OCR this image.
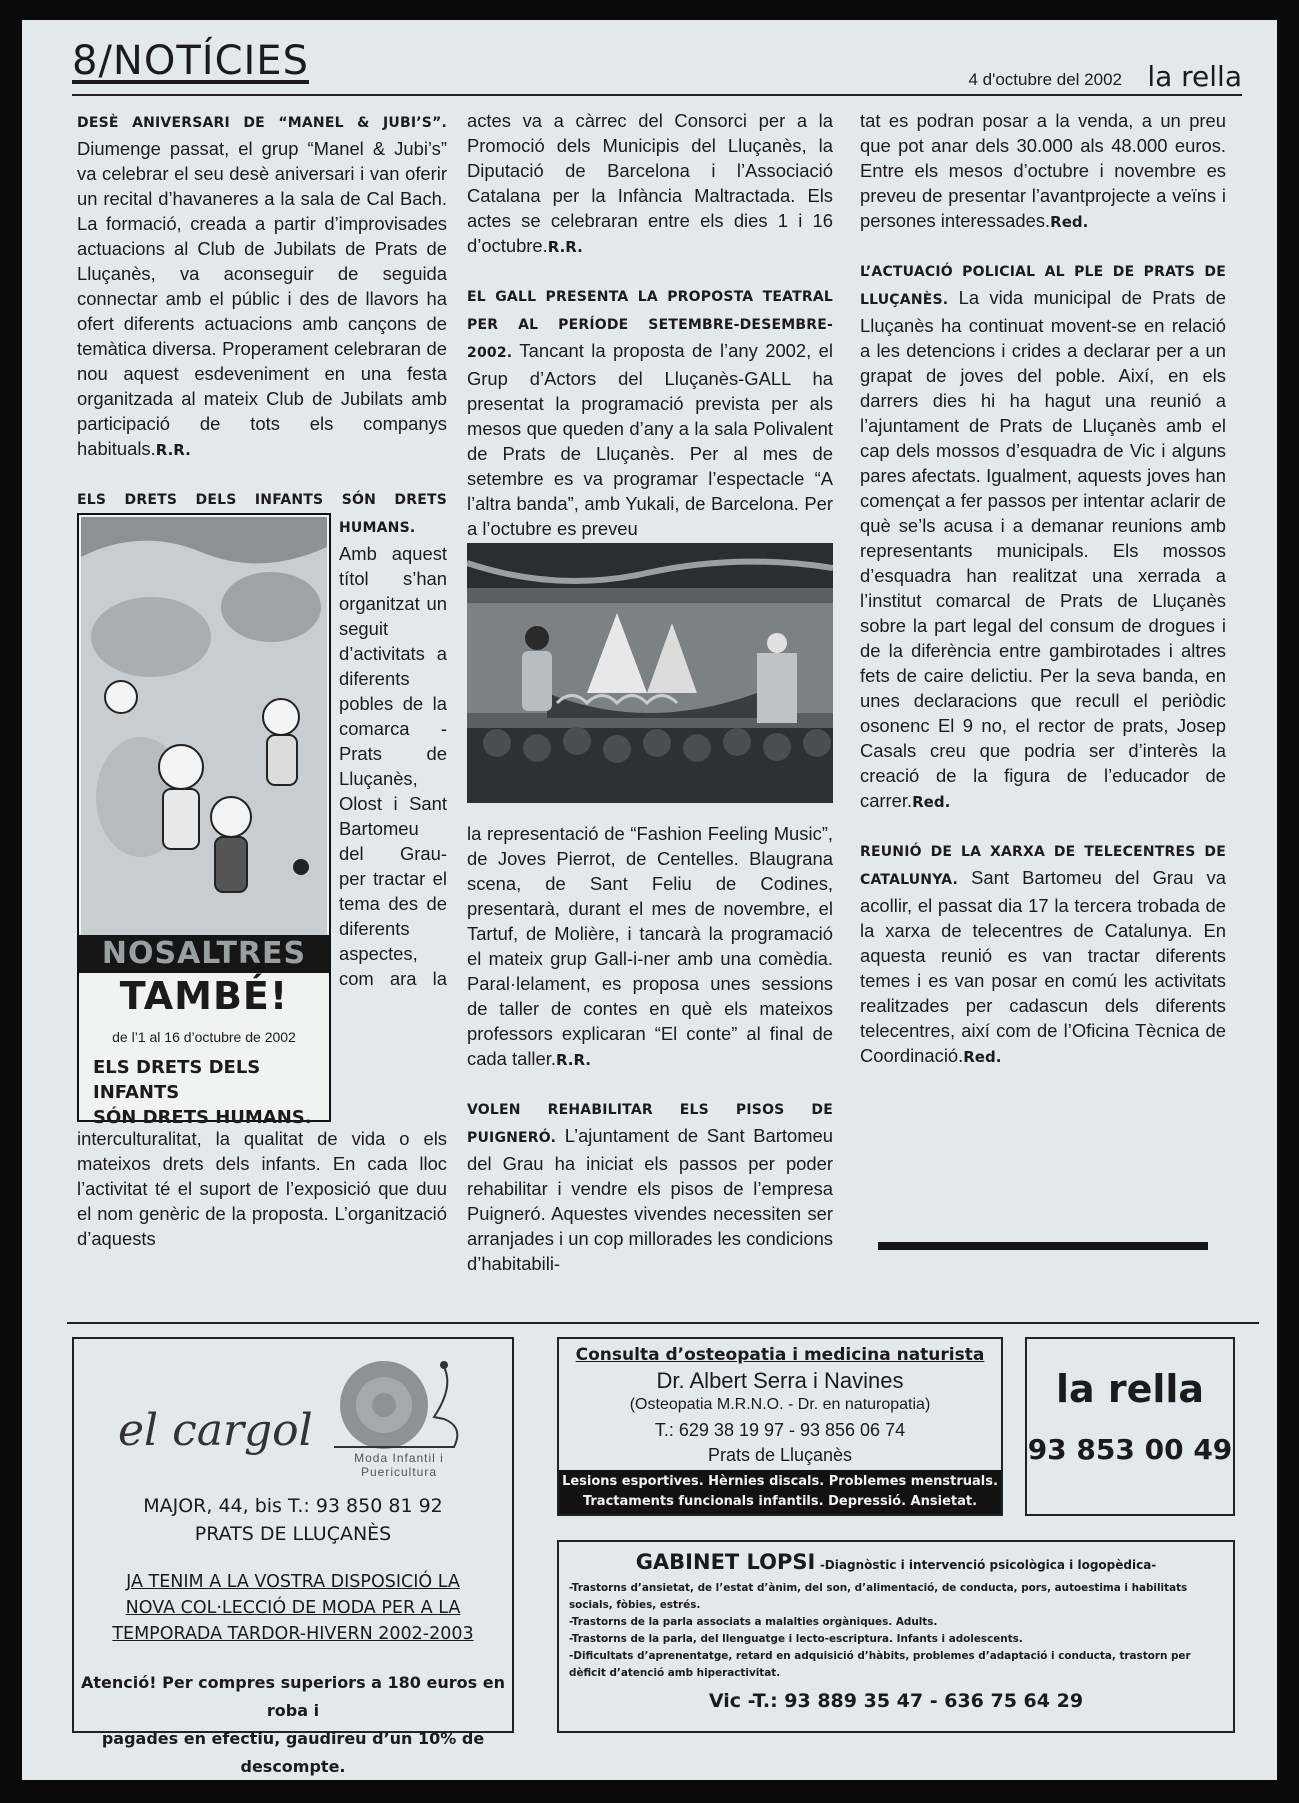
8/NOTÍCIES	4 d'octubre del 2002 la rella

DESÈ ANIVERSARI DE “MANEL & JUBI’S”. Diumenge passat, el grup “Manel & Jubi’s” va celebrar el seu desè aniversari i van oferir un recital d’havaneres a la sala de Cal Bach. La formació, creada a partir d’improvisades actuacions al Club de Jubilats de Prats de Lluçanès, va aconseguir de seguida connectar amb el públic i des de llavors ha ofert diferents actuacions amb cançons de temàtica diversa. Properament celebraran de nou aquest esdeveniment en una festa organitzada al mateix Club de Jubilats amb participació de tots els companys habituals.R.R.

ELS DRETS DELS INFANTS SÓN DRETS HUMANS.
NOSALTRES
TAMBÉ!
de l’1 al 16 d’octubre de 2002
ELS DRETS DELS INFANTS
SÓN DRETS HUMANS.
Amb aquest títol s’han organitzat un seguit d’activitats a diferents pobles de la comarca -Prats de Lluçanès, Olost i Sant Bartomeu del Grau- per tractar el tema des de diferents aspectes, com ara la interculturalitat, la qualitat de vida o els mateixos drets dels infants. En cada lloc l’activitat té el suport de l’exposició que duu el nom genèric de la proposta. L’organització d’aquests

actes va a càrrec del Consorci per a la Promoció dels Municipis del Lluçanès, la Diputació de Barcelona i l’Associació Catalana per la Infància Maltractada. Els actes se celebraran entre els dies 1 i 16 d’octubre.R.R.

EL GALL PRESENTA LA PROPOSTA TEATRAL PER AL PERÍODE SETEMBRE-DESEMBRE-2002. Tancant la proposta de l’any 2002, el Grup d’Actors del Lluçanès-GALL ha presentat la programació prevista per als mesos que queden d’any a la sala Polivalent de Prats de Lluçanès. Per al mes de setembre es va programar l’espectacle “A l’altra banda”, amb Yukali, de Barcelona. Per a l’octubre es preveu
la representació de “Fashion Feeling Music”, de Joves Pierrot, de Centelles. Blaugrana scena, de Sant Feliu de Codines, presentarà, durant el mes de novembre, el Tartuf, de Molière, i tancarà la programació el mateix grup Gall-i-ner amb una comèdia. Paral·lelament, es proposa unes sessions de taller de contes en què els mateixos professors explicaran “El conte” al final de cada taller.R.R.

VOLEN REHABILITAR ELS PISOS DE PUIGNERÓ. L’ajuntament de Sant Bartomeu del Grau ha iniciat els passos per poder rehabilitar i vendre els pisos de l’empresa Puigneró. Aquestes vivendes necessiten ser arranjades i un cop millorades les condicions d’habitabili-

tat es podran posar a la venda, a un preu que pot anar dels 30.000 als 48.000 euros. Entre els mesos d’octubre i novembre es preveu de presentar l’avantprojecte a veïns i persones interessades.Red.

L’ACTUACIÓ POLICIAL AL PLE DE PRATS DE LLUÇANÈS. La vida municipal de Prats de Lluçanès ha continuat movent-se en relació a les detencions i crides a declarar per a un grapat de joves del poble. Així, en els darrers dies hi ha hagut una reunió a l’ajuntament de Prats de Lluçanès amb el cap dels mossos d’esquadra de Vic i alguns pares afectats. Igualment, aquests joves han començat a fer passos per intentar aclarir de què se’ls acusa i a demanar reunions amb representants municipals. Els mossos d’esquadra han realitzat una xerrada a l’institut comarcal de Prats de Lluçanès sobre la part legal del consum de drogues i de la diferència entre gambirotades i altres fets de caire delictiu. Per la seva banda, en unes declaracions que recull el periòdic osonenc El 9 no, el rector de prats, Josep Casals creu que podria ser d’interès la creació de la figura de l’educador de carrer.Red.

REUNIÓ DE LA XARXA DE TELECENTRES DE CATALUNYA. Sant Bartomeu del Grau va acollir, el passat dia 17 la tercera trobada de la xarxa de telecentres de Catalunya. En aquesta reunió es van tractar diferents temes i es van posar en comú les activitats realitzades per cadascun dels diferents telecentres, així com de l’Oficina Tècnica de Coordinació.Red.

el cargol
Moda Infantil i
Puericultura
MAJOR, 44, bis T.: 93 850 81 92
PRATS DE LLUÇANÈS
JA TENIM A LA VOSTRA DISPOSICIÓ LA
NOVA COL·LECCIÓ DE MODA PER A LA
TEMPORADA TARDOR-HIVERN 2002-2003
Atenció! Per compres superiors a 180 euros en roba i
pagades en efectiu, gaudireu d’un 10% de descompte.
Consulta d’osteopatia i medicina naturista
Dr. Albert Serra i Navines
(Osteopatia M.R.N.O. - Dr. en naturopatia)
T.: 629 38 19 97 - 93 856 06 74
Prats de Lluçanès
Lesions esportives. Hèrnies discals. Problemes menstruals.
Tractaments funcionals infantils. Depressió. Ansietat.
la rella
93 853 00 49
GABINET LOPSI -Diagnòstic i intervenció psicològica i logopèdica-
-Trastorns d’ansietat, de l’estat d’ànim, del son, d’alimentació, de conducta, pors, autoestima i habilitats socials, fòbies, estrés.
-Trastorns de la parla associats a malalties orgàniques. Adults.
-Trastorns de la parla, del llenguatge i lecto-escriptura. Infants i adolescents.
-Dificultats d’aprenentatge, retard en adquisició d’hàbits, problemes d’adaptació i conducta, trastorn per dèficit d’atenció amb hiperactivitat.
Vic -T.: 93 889 35 47 - 636 75 64 29
